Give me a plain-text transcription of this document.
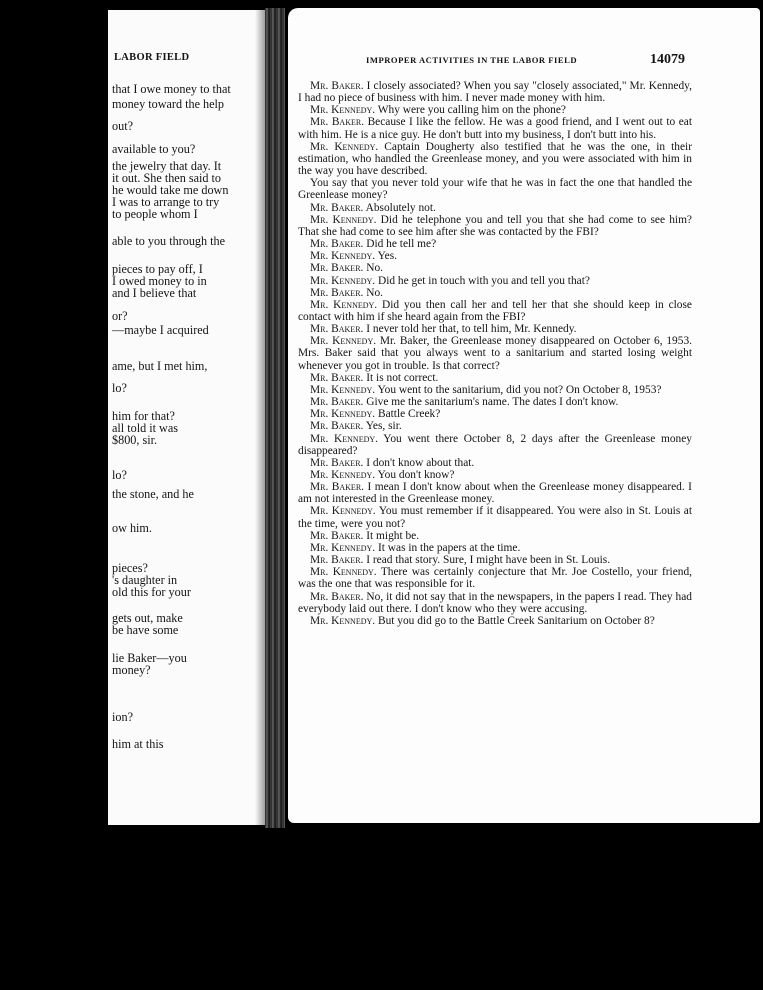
LABOR FIELD
that I owe money to that
money toward the help
out?
available to you?
the jewelry that day. It
it out. She then said to
he would take me down
I was to arrange to try
to people whom I
able to you through the
pieces to pay off, I
I owed money to in
and I believe that
or?
—maybe I acquired
ame, but I met him,
lo?
him for that?
all told it was
$800, sir.
lo?
the stone, and he
ow him.
pieces?
's daughter in
old this for your
gets out, make
be have some
lie Baker—you
money?
ion?
him at this
IMPROPER ACTIVITIES IN THE LABOR FIELD	14079

Mr. Baker. I closely associated? When you say "closely associated," Mr. Kennedy, I had no piece of business with him. I never made money with him.

Mr. Kennedy. Why were you calling him on the phone?

Mr. Baker. Because I like the fellow. He was a good friend, and I went out to eat with him. He is a nice guy. He don't butt into my business, I don't butt into his.

Mr. Kennedy. Captain Dougherty also testified that he was the one, in their estimation, who handled the Greenlease money, and you were associated with him in the way you have described.

You say that you never told your wife that he was in fact the one that handled the Greenlease money?

Mr. Baker. Absolutely not.

Mr. Kennedy. Did he telephone you and tell you that she had come to see him? That she had come to see him after she was contacted by the FBI?

Mr. Baker. Did he tell me?

Mr. Kennedy. Yes.

Mr. Baker. No.

Mr. Kennedy. Did he get in touch with you and tell you that?

Mr. Baker. No.

Mr. Kennedy. Did you then call her and tell her that she should keep in close contact with him if she heard again from the FBI?

Mr. Baker. I never told her that, to tell him, Mr. Kennedy.

Mr. Kennedy. Mr. Baker, the Greenlease money disappeared on October 6, 1953. Mrs. Baker said that you always went to a sanitarium and started losing weight whenever you got in trouble. Is that correct?

Mr. Baker. It is not correct.

Mr. Kennedy. You went to the sanitarium, did you not? On October 8, 1953?

Mr. Baker. Give me the sanitarium's name. The dates I don't know.

Mr. Kennedy. Battle Creek?

Mr. Baker. Yes, sir.

Mr. Kennedy. You went there October 8, 2 days after the Greenlease money disappeared?

Mr. Baker. I don't know about that.

Mr. Kennedy. You don't know?

Mr. Baker. I mean I don't know about when the Greenlease money disappeared. I am not interested in the Greenlease money.

Mr. Kennedy. You must remember if it disappeared. You were also in St. Louis at the time, were you not?

Mr. Baker. It might be.

Mr. Kennedy. It was in the papers at the time.

Mr. Baker. I read that story. Sure, I might have been in St. Louis.

Mr. Kennedy. There was certainly conjecture that Mr. Joe Costello, your friend, was the one that was responsible for it.

Mr. Baker. No, it did not say that in the newspapers, in the papers I read. They had everybody laid out there. I don't know who they were accusing.

Mr. Kennedy. But you did go to the Battle Creek Sanitarium on October 8?
